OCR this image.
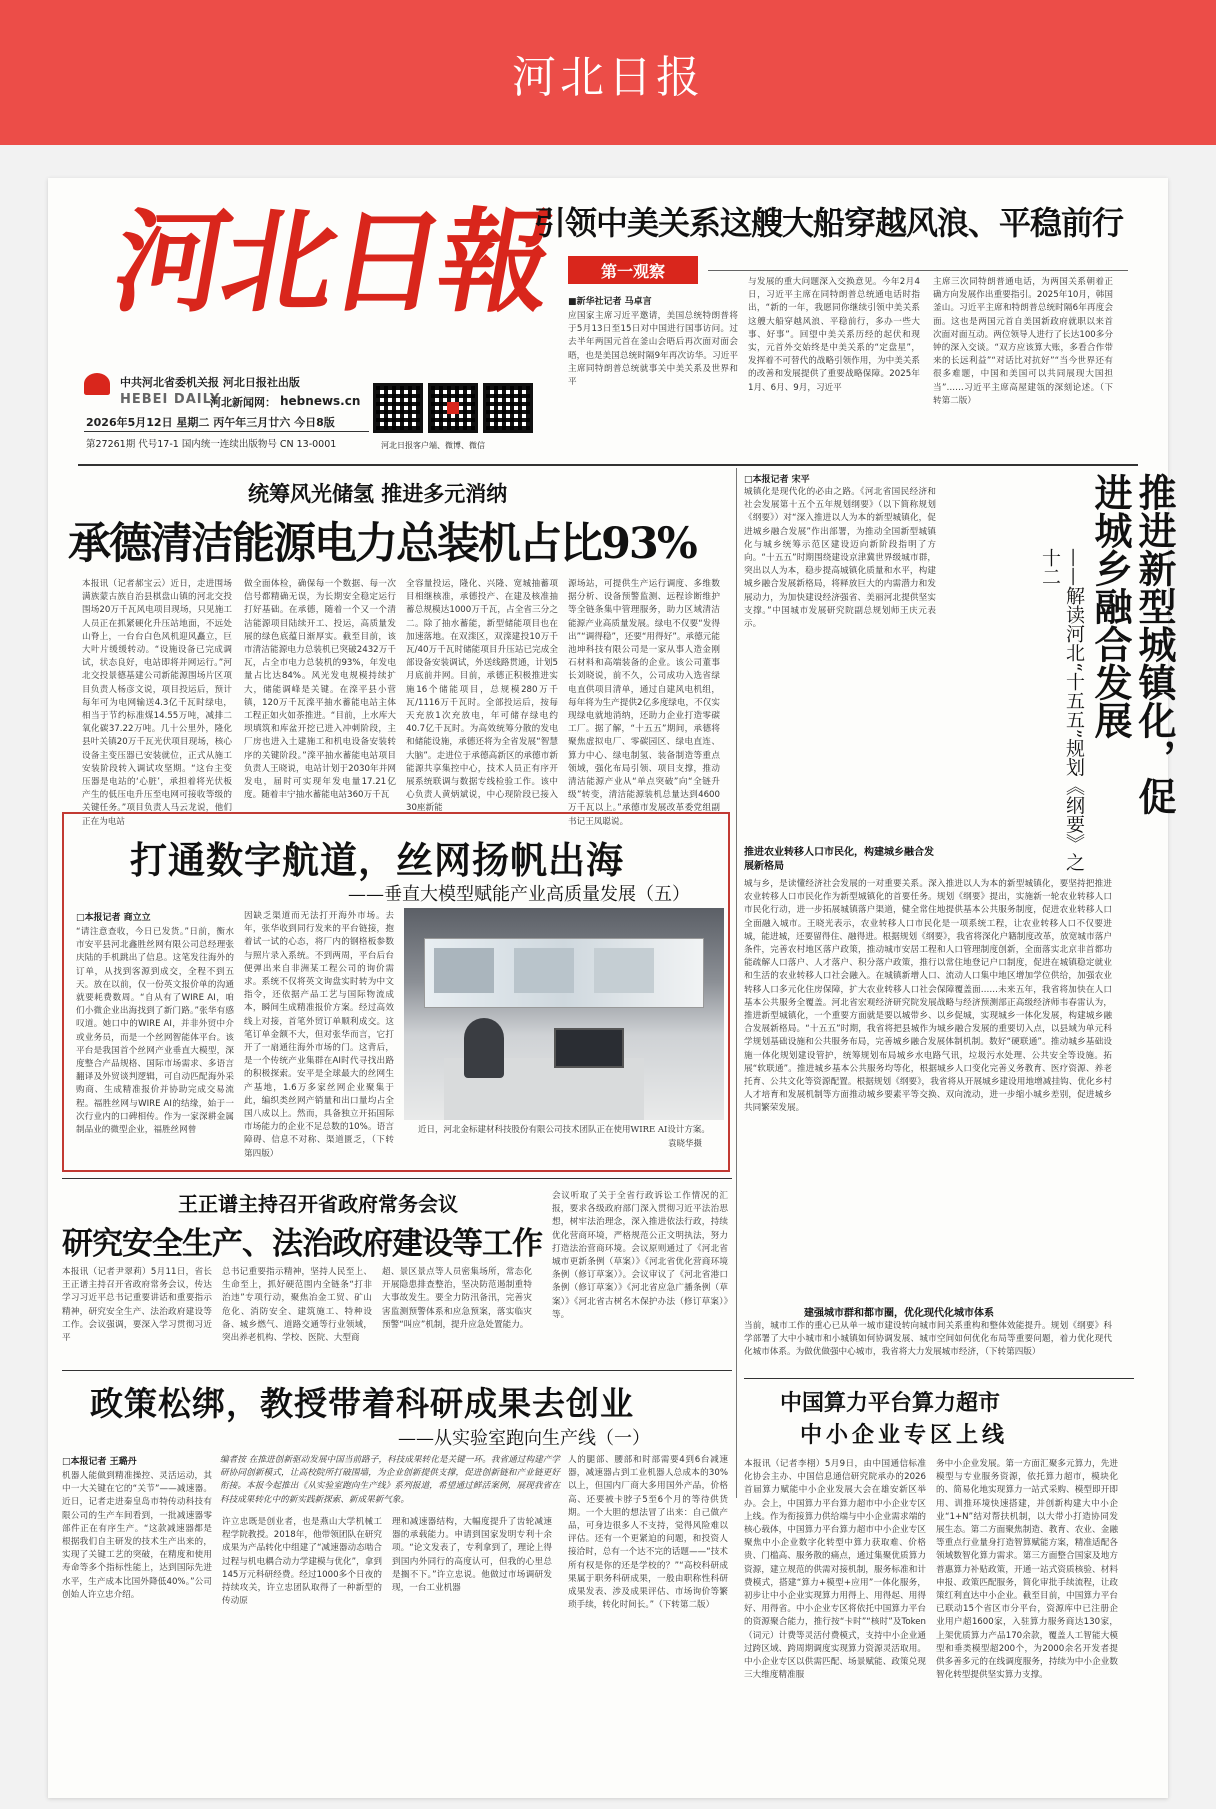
河北日报
河北日報
中共河北省委机关报 河北日报社出版
HEBEI DAILY
河北新闻网： hebnews.cn
2026年5月12日 星期二 丙午年三月廿六 今日8版
第27261期 代号17-1 国内统一连续出版物号 CN 13-0001	河北日报客户端、微博、微信
引领中美关系这艘大船穿越风浪、平稳前行
第一观察
■新华社记者 马卓言
应国家主席习近平邀请，美国总统特朗普将于5月13日至15日对中国进行国事访问。过去半年两国元首在釜山会晤后再次面对面会晤，也是美国总统时隔9年再次访华。习近平主席同特朗普总统就事关中美关系及世界和平
与发展的重大问题深入交换意见。今年2月4日，习近平主席在同特朗普总统通电话时指出，“新的一年，我愿同你继续引领中美关系这艘大船穿越风浪、平稳前行，多办一些大事、好事”。回望中美关系历经的起伏和现实，元首外交始终是中美关系的“定盘星”，发挥着不可替代的战略引领作用，为中美关系的改善和发展提供了重要战略保障。2025年1月、6月、9月，习近平
主席三次同特朗普通电话，为两国关系朝着正确方向发展作出重要指引。2025年10月，韩国釜山。习近平主席和特朗普总统时隔6年再度会面。这也是两国元首自美国新政府就职以来首次面对面互动。两位领导人进行了长达100多分钟的深入交谈。“双方应该算大账，多看合作带来的长远利益”“对话比对抗好”“当今世界还有很多难题，中国和美国可以共同展现大国担当”……习近平主席高屋建瓴的深刻论述。（下转第二版）
统筹风光储氢 推进多元消纳
承德清洁能源电力总装机占比93%
本报讯（记者郝宝云）近日，走进围场满族蒙古族自治县棋盘山镇的河北交投围场20万千瓦风电项目现场，只见施工人员正在抓紧硬化升压站地面，不远处山脊上，一台台白色风机迎风矗立，巨大叶片缓缓转动。“设施设备已完成调试，状态良好，电站即将并网运行。”河北交投景德基建公司新能源围场片区项目负责人杨彦文说，项目投运后，预计每年可为电网输送4.3亿千瓦时绿电，相当于节约标准煤14.55万吨，减排二氧化碳37.22万吨。几十公里外，隆化县叶关镇20万千瓦光伏项目现场，核心设备主变压器已安装就位，正式从施工安装阶段转入调试攻坚期。“这台主变压器是电站的‘心脏’，承担着将光伏板产生的低压电升压至电网可接收等级的关键任务。”项目负责人马云龙说，他们正在为电站
做全面体检，确保每一个数据、每一次信号都精确无误，为长期安全稳定运行打好基础。在承德，随着一个又一个清洁能源项目陆续开工、投运，高质量发展的绿色底蕴日渐厚实。截至目前，该市清洁能源电力总装机已突破2432万千瓦，占全市电力总装机的93%，年发电量占比达84%。风光发电规模持续扩大，储能调峰是关键。在滦平县小营镇，120万千瓦滦平抽水蓄能电站主体工程正如火如荼推进。“目前，上水库大坝填筑和库盆开挖已进入冲刺阶段，主厂房也进入土建施工和机电设备安装转序的关键阶段。”滦平抽水蓄能电站项目负责人王晓说，电站计划于2030年并网发电，届时可实现年发电量17.21亿度。随着丰宁抽水蓄能电站360万千瓦
全容量投运，隆化、兴隆、宽城抽蓄项目相继核准，承德投产、在建及核准抽蓄总规模达1000万千瓦，占全省三分之二。除了抽水蓄能，新型储能项目也在加速落地。在双滦区，双滦建投10万千瓦/40万千瓦时储能项目升压站已完成全部设备安装调试，外送线路贯通，计划5月底前并网。目前，承德正积极推进实施16个储能项目，总规模280万千瓦/1116万千瓦时。全部投运后，按每天充放1次充放电，年可储存绿电约40.7亿千瓦时。为高效统筹分散的发电和储能设施，承德还将为全省发展“智慧大脑”。走进位于承德高新区的承德市新能源共享集控中心，技术人员正有序开展系统联调与数据专线检验工作。该中心负责人黄炳斌说，中心现阶段已接入30座新能
源场站，可提供生产运行调度、多维数据分析、设备预警监测、远程诊断维护等全链条集中管理服务，助力区域清洁能源产业高质量发展。绿电不仅要“发得出”“调得稳”，还要“用得好”。承德元能池坤科技有限公司是一家从事人造金刚石材料和高端装备的企业。该公司董事长刘晓说，前不久，公司成功入选省绿电直供项目清单，通过自建风电机组，每年将为生产提供2亿多度绿电，不仅实现绿电就地消纳，还助力企业打造零碳工厂。据了解，“十五五”期间，承德将聚焦虚拟电厂、零碳园区、绿电直连、算力中心、绿电制氢、装备制造等重点领域，强化布局引领、项目支撑，推动清洁能源产业从“单点突破”向“全链升级”转变，清洁能源装机总量达到4600万千瓦以上。”承德市发展改革委党组副书记王凤聪说。
打通数字航道，丝网扬帆出海
——垂直大模型赋能产业高质量发展（五）
□本报记者 商立立
“请注意查收，今日已发货。”日前，衡水市安平县河北鑫胜丝网有限公司总经理张庆陆的手机跳出了信息。这笔发往海外的订单，从找到客源到成交，全程不到五天。放在以前，仅一份英文报价单的沟通就要耗费数周。“自从有了WIRE AI，咱们小微企业出海找到了新门路。”张华有感叹道。她口中的WIRE AI，并非外贸中介或业务员，而是一个丝网智能体平台。该平台是我国首个丝网产业垂直大模型，深度整合产品规格、国际市场需求、多语言翻译及外贸谈判逻辑，可自动匹配海外采购商、生成精准报价并协助完成交易流程。福胜丝网与WIRE AI的结缘，始于一次行业内的口碑相传。作为一家深耕金属制品业的微型企业，福胜丝网曾
因缺乏渠道而无法打开海外市场。去年，张华收到同行发来的平台链接，抱着试一试的心态，将厂内的钢格板参数与照片录入系统。不到两周，平台后台便弹出来自非洲某工程公司的询价需求。系统不仅将英文询盘实时转为中文指令，还依据产品工艺与国际物流成本，瞬间生成精准报价方案。经过高效线上对接，首笔外贸订单顺利成交。这笔订单金额不大，但对张华而言，它打开了一扇通往海外市场的门。这背后，是一个传统产业集群在AI时代寻找出路的积极探索。安平是全球最大的丝网生产基地，1.6万多家丝网企业聚集于此，编织类丝网产销量和出口量均占全国八成以上。然而，具备独立开拓国际市场能力的企业不足总数的10%。语言障碍、信息不对称、渠道匮乏，（下转第四版）
近日，河北金标建材科技股份有限公司技术团队正在使用WIRE AI设计方案。
袁晓华摄
□本报记者 宋平
城镇化是现代化的必由之路。《河北省国民经济和社会发展第十五个五年规划纲要》（以下简称规划《纲要》）对“深入推进以人为本的新型城镇化，促进城乡融合发展”作出部署，为推动全国新型城镇化与城乡统筹示范区建设迈向新阶段指明了方向。“十五五”时期围绕建设京津冀世界级城市群，突出以人为本，稳步提高城镇化质量和水平，构建城乡融合发展新格局，将释放巨大的内需潜力和发展动力，为加快建设经济强省、美丽河北提供坚实支撑。”中国城市发展研究院副总规划师王庆元表示。
推进农业转移人口市民化，构建城乡融合发展新格局
城与乡，是读懂经济社会发展的一对重要关系。深入推进以人为本的新型城镇化，要坚持把推进农业转移人口市民化作为新型城镇化的首要任务。规划《纲要》提出，实施新一轮农业转移人口市民化行动，进一步拓展城镇落户渠道，健全常住地提供基本公共服务制度，促进农业转移人口全面融入城市。王晓光表示，农业转移人口市民化是一项系统工程，让农业转移人口不仅要进城，能进城，还要留得住、融得进。根据规划《纲要》，我省将深化户籍制度改革，放宽城市落户条件，完善农村地区落户政策，推动城市安居工程和人口管理制度创新，全面落实北京非首都功能疏解人口落户、人才落户、积分落户政策，推行以常住地登记户口制度，促进在城镇稳定就业和生活的农业转移人口社会融入。在城镇新增人口、流动人口集中地区增加学位供给，加强农业转移人口多元化住房保障，扩大农业转移人口社会保障覆盖面……未来五年，我省将加快在人口基本公共服务全覆盖。河北省宏观经济研究院发展战略与经济预测部正高级经济师韦春雷认为，推进新型城镇化，一个重要方面就是要以城带乡、以乡促城，实现城乡一体化发展，构建城乡融合发展新格局。“十五五”时期，我省将把县城作为城乡融合发展的重要切入点，以县域为单元科学规划基础设施和公共服务布局，完善城乡融合发展体制机制。数好“硬联通”。推动城乡基础设施一体化规划建设管护，统筹规划布局城乡水电路气讯，垃圾污水处理、公共安全等设施。拓展“软联通”。推进城乡基本公共服务均等化，根据城乡人口变化完善义务教育、医疗资源、养老托育、公共文化等资源配置。根据规划《纲要》，我省将从开展城乡建设用地增减挂钩、优化乡村人才培育和发展机制等方面推动城乡要素平等交换、双向流动，进一步缩小城乡差别，促进城乡共同繁荣发展。
建强城市群和都市圈，优化现代化城市体系
当前，城市工作的重心已从单一城市建设转向城市间关系重构和整体效能提升。规划《纲要》科学部署了大中小城市和小城镇如何协调发展、城市空间如何优化布局等重要问题，着力优化现代化城市体系。为做优做强中心城市，我省将大力发展城市经济，（下转第四版）
推进新型城镇化，促进城乡融合发展
——解读河北“十五五”规划《纲要》之十二
王正谱主持召开省政府常务会议
研究安全生产、法治政府建设等工作
本报讯（记者尹翠莉）5月11日，省长王正谱主持召开省政府常务会议，传达学习习近平总书记重要讲话和重要指示精神，研究安全生产、法治政府建设等工作。会议强调，要深入学习贯彻习近平
总书记重要指示精神，坚持人民至上、生命至上，抓好硬范围内全链条“打非治违”专项行动，聚焦冶金工贸、矿山危化、消防安全、建筑施工、特种设备、城乡燃气、道路交通等行业领域，突出养老机构、学校、医院、大型商
超、景区景点等人员密集场所，常态化开展隐患排查整治，坚决防范遏制重特大事故发生。要全力防汛备汛，完善灾害监测预警体系和应急预案，落实临灾预警“叫应”机制，提升应急处置能力。
会议听取了关于全省行政诉讼工作情况的汇报，要求各级政府部门深入贯彻习近平法治思想，树牢法治理念，深入推进依法行政，持续优化营商环境，严格规范公正文明执法，努力打造法治营商环境。会议原则通过了《河北省城市更新条例（草案）》《河北省优化营商环境条例（修订草案）》。会议审议了《河北省港口条例（修订草案）》《河北省应急广播条例（草案）》《河北省古树名木保护办法（修订草案）》等。
中国算力平台算力超市
中小企业专区上线
本报讯（记者李栩）5月9日，由中国通信标准化协会主办、中国信息通信研究院承办的2026首届算力赋能中小企业发展大会在雄安新区举办。会上，中国算力平台算力超市中小企业专区上线。作为衔接算力供给端与中小企业需求端的核心载体，中国算力平台算力超市中小企业专区聚焦中小企业数字化转型中算力获取难、价格贵、门槛高、服务散的痛点，通过集聚优质算力资源，建立规范的供需对接机制，服务标准和计费模式，搭建“算力+模型+应用”一体化服务，初步让中小企业实现算力用得上、用得起、用得好、用得省。中小企业专区将依托中国算力平台的资源聚合能力，推行按“卡时”“核时”及Token（词元）计费等灵活付费模式，支持中小企业通过跨区域、跨周期调度实现算力资源灵活取用。中小企业专区以供需匹配、场景赋能、政策兑现三大维度精准服
务中小企业发展。第一方面汇聚多元算力，先进模型与专业服务资源，依托算力超市，模块化的、简易化地实现算力一站式采购、模型即开即用、训推环境快速搭建，并创新构建大中小企业“1+N”结对帮扶机制，以大带小打造协同发展生态。第二方面聚焦制造、教育、农业、金融等重点行业量身打造智算赋能方案，精准适配各领域数智化算力需求。第三方面整合国家及地方普惠算力补贴政策，开通一站式资质核验、材料申报、政策匹配服务，简化审批手续流程，让政策红利直达中小企业。截至目前，中国算力平台已联动15个省区市分平台，资源库中已注册企业用户超1600家，入驻算力服务商达130家，上架优质算力产品170余款，覆盖人工智能大模型和垂类模型超200个，为2000余名开发者提供多善多元的在线调度服务，持续为中小企业数智化转型提供坚实算力支撑。
政策松绑，教授带着科研成果去创业
——从实验室跑向生产线（一）
□本报记者 王璐丹	编者按 在推进创新驱动发展中国当前路子，科技成果转化是关键一环。我省通过构建产学研协同创新模式，让高校院所打破围墙，为企业创新提供支撑，促进创新链和产业链更好衔接。本报今起推出《从实验室跑向生产线》系列报道，希望通过鲜活案例，展现我省在科技成果转化中的新实践新探索、新成果新气象。
机器人能做到精准操控、灵活运动，其中一大关键在它的“关节”——减速器。近日，记者走进秦皇岛市特传动科技有限公司的生产车间看到，一批减速器零部件正在有序生产。“这款减速器都是根据我们自主研发的技术生产出来的，实现了关键工艺的突破，在精度和使用寿命等多个指标性能上，达到国际先进水平，生产成本比国外降低40%。”公司创始人许立忠介绍。
许立忠既是创业者，也是燕山大学机械工程学院教授。2018年，他带领团队在研究成果为产品转化中组建了“减速器动态啮合过程与机电耦合动力学建模与优化”，拿到145万元科研经费。经过1000多个日夜的持续攻关，许立忠团队取得了一种新型的传动原
理和减速器结构，大幅度提升了齿轮减速器的承载能力。申请到国家发明专利十余项。“论文发表了，专利拿到了，理论上得到国内外同行的高度认可，但我的心里总是搁不下。”许立忠说。他做过市场调研发现，一台工业机器
人的腿部、腰部和时部需要4到6台减速器，减速器占到工业机器人总成本的30%以上，但国内厂商大多用国外产品，价格高、还要被卡脖子5至6个月的等待供货期。一个大胆的想法冒了出来：自己做产品，可身边很多人不支持，觉得风险难以评估。还有一个更紧迫的问题，和投资人接洽时，总有一个达不完的话题——“技术所有权是你的还是学校的？”“高校科研成果属于职务科研成果，一般由职称性科研成果发表、涉及成果评估、市场询价等繁琐手续，转化时间长。”（下转第二版）
